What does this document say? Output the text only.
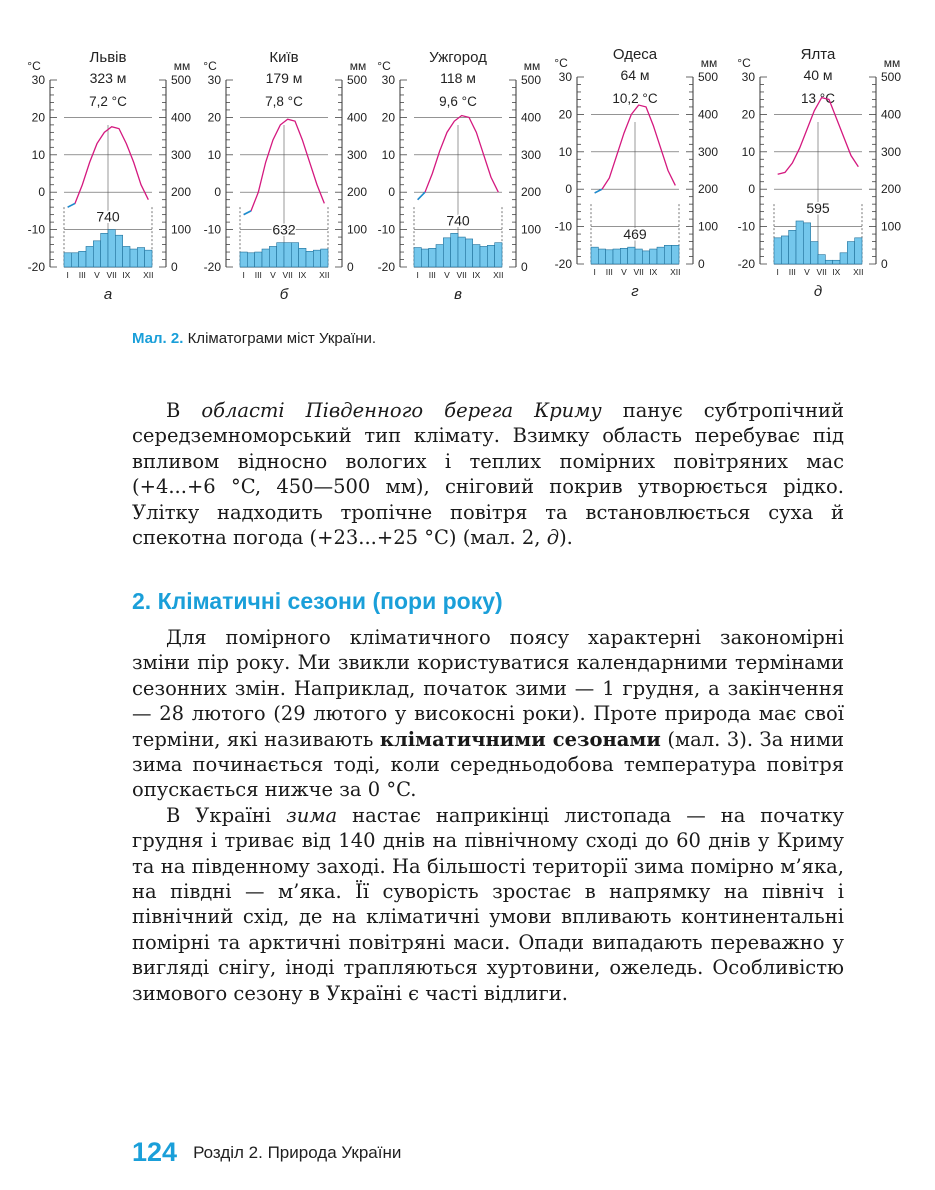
Львів
323 м
7,2 °C
°C	мм
30
20
10
0
-10
-20
500
400
300
200
100
0
740
I III V VII IX XII
а
Київ
179 м
7,8 °C
°C	мм
30
20
10
0
-10
-20
500
400
300
200
100
0
632
I III V VII IX XII
б
Ужгород
118 м
9,6 °C
°C	мм
30
20
10
0
-10
-20
500
400
300
200
100
0
740
I III V VII IX XII
в
Одеса
64 м
10,2 °C
°C	мм
30
20
10
0
-10
-20
500
400
300
200
100
0
469
I III V VII IX XII
г
Ялта
40 м
13 °C
°C	мм
30
20
10
0
-10
-20
500
400
300
200
100
0
595
I III V VII IX XII
д
Мал. 2. Кліматограми міст України.

В області Південного берега Криму панує субтропічний середземноморський тип клімату. Взимку область перебуває під впливом відносно вологих і теплих помірних повітряних мас (+4...+6 °C, 450—500 мм), сніговий покрив утворюється рідко. Улітку надходить тропічне повітря та встановлюється суха й спекотна погода (+23...+25 °C) (мал. 2, д).

2. Кліматичні сезони (пори року)

Для помірного кліматичного поясу характерні закономірні зміни пір року. Ми звикли користуватися календарними термінами сезонних змін. Наприклад, початок зими — 1 грудня, а закінчення — 28 лютого (29 лютого у високосні роки). Проте природа має свої терміни, які називають кліматичними сезонами (мал. 3). За ними зима починається тоді, коли середньодобова температура повітря опускається нижче за 0 °C.

В Україні зима настає наприкінці листопада — на початку грудня і триває від 140 днів на північному сході до 60 днів у Криму та на південному заході. На більшості території зима помірно м’яка, на півдні — м’яка. Її суворість зростає в напрямку на північ і північний схід, де на кліматичні умови впливають континентальні помірні та арктичні повітряні маси. Опади випадають переважно у вигляді снігу, іноді трапляються хуртовини, ожеледь. Особливістю зимового сезону в Україні є часті відлиги.

124 Розділ 2. Природа України
